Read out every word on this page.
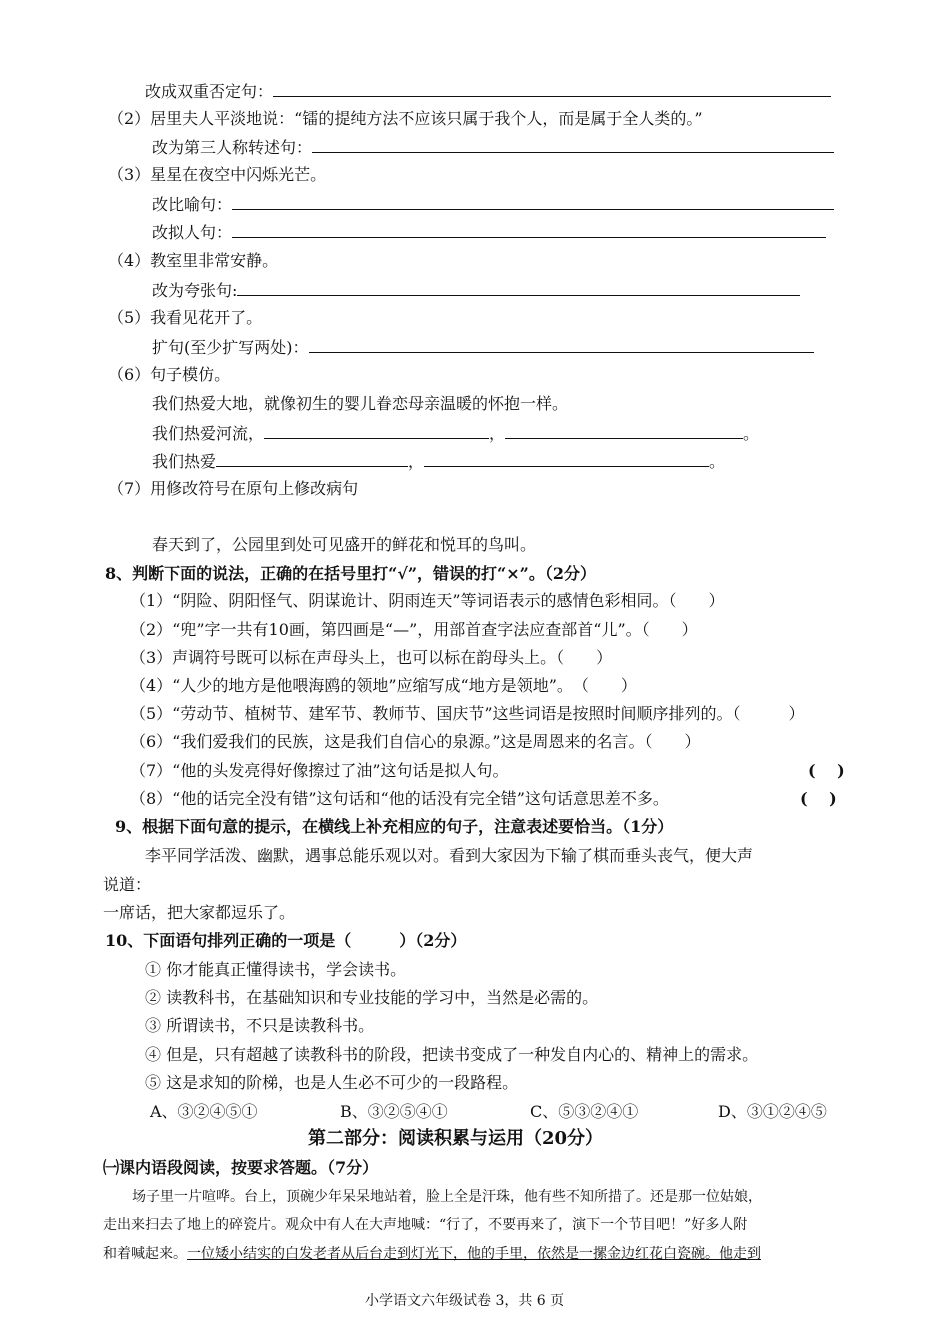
改成双重否定句：
（2）居里夫人平淡地说：“镭的提纯方法不应该只属于我个人，而是属于全人类的。”
改为第三人称转述句：
（3）星星在夜空中闪烁光芒。
改比喻句：
改拟人句：
（4）教室里非常安静。
改为夸张句:
（5）我看见花开了。
扩句(至少扩写两处)：
（6）句子模仿。
我们热爱大地，就像初生的婴儿眷恋母亲温暖的怀抱一样。
我们热爱河流，	，	。
我们热爱	，	。
（7）用修改符号在原句上修改病句
春天到了，公园里到处可见盛开的鲜花和悦耳的鸟叫。
8、判断下面的说法，正确的在括号里打“√”，错误的打“×”。（2分）
（1）“阴险、阴阳怪气、阴谋诡计、阴雨连天”等词语表示的感情色彩相同。（　　）
（2）“兜”字一共有10画，第四画是“—”，用部首查字法应查部首“儿”。（　　）
（3）声调符号既可以标在声母头上，也可以标在韵母头上。（　　）
（4）“人少的地方是他喂海鸥的领地”应缩写成“地方是领地”。　（　　）
（5）“劳动节、植树节、建军节、教师节、国庆节”这些词语是按照时间顺序排列的。（　　　）
（6）“我们爱我们的民族，这是我们自信心的泉源。”这是周恩来的名言。（　　）
（7）“他的头发亮得好像擦过了油”这句话是拟人句。	(　 )
（8）“他的话完全没有错”这句话和“他的话没有完全错”这句话意思差不多。	(　 )
9、根据下面句意的提示，在横线上补充相应的句子，注意表述要恰当。（1分）
李平同学活泼、幽默，遇事总能乐观以对。看到大家因为下输了棋而垂头丧气，便大声
说道：
一席话，把大家都逗乐了。
10、下面语句排列正确的一项是（　　　）（2分）
① 你才能真正懂得读书，学会读书。
② 读教科书，在基础知识和专业技能的学习中，当然是必需的。
③ 所谓读书，不只是读教科书。
④ 但是，只有超越了读教科书的阶段，把读书变成了一种发自内心的、精神上的需求。
⑤ 这是求知的阶梯，也是人生必不可少的一段路程。
A、③②④⑤①	B、③②⑤④①	C、⑤③②④①	D、③①②④⑤
第二部分：阅读积累与运用（20分）
㈠课内语段阅读，按要求答题。（7分）
场子里一片喧哗。台上，顶碗少年呆呆地站着，脸上全是汗珠，他有些不知所措了。还是那一位姑娘，
走出来扫去了地上的碎瓷片。观众中有人在大声地喊：“行了，不要再来了，演下一个节目吧！”好多人附
和着喊起来。一位矮小结实的白发老者从后台走到灯光下，他的手里，依然是一摞金边红花白瓷碗。他走到
小学语文六年级试卷 3，共 6 页
